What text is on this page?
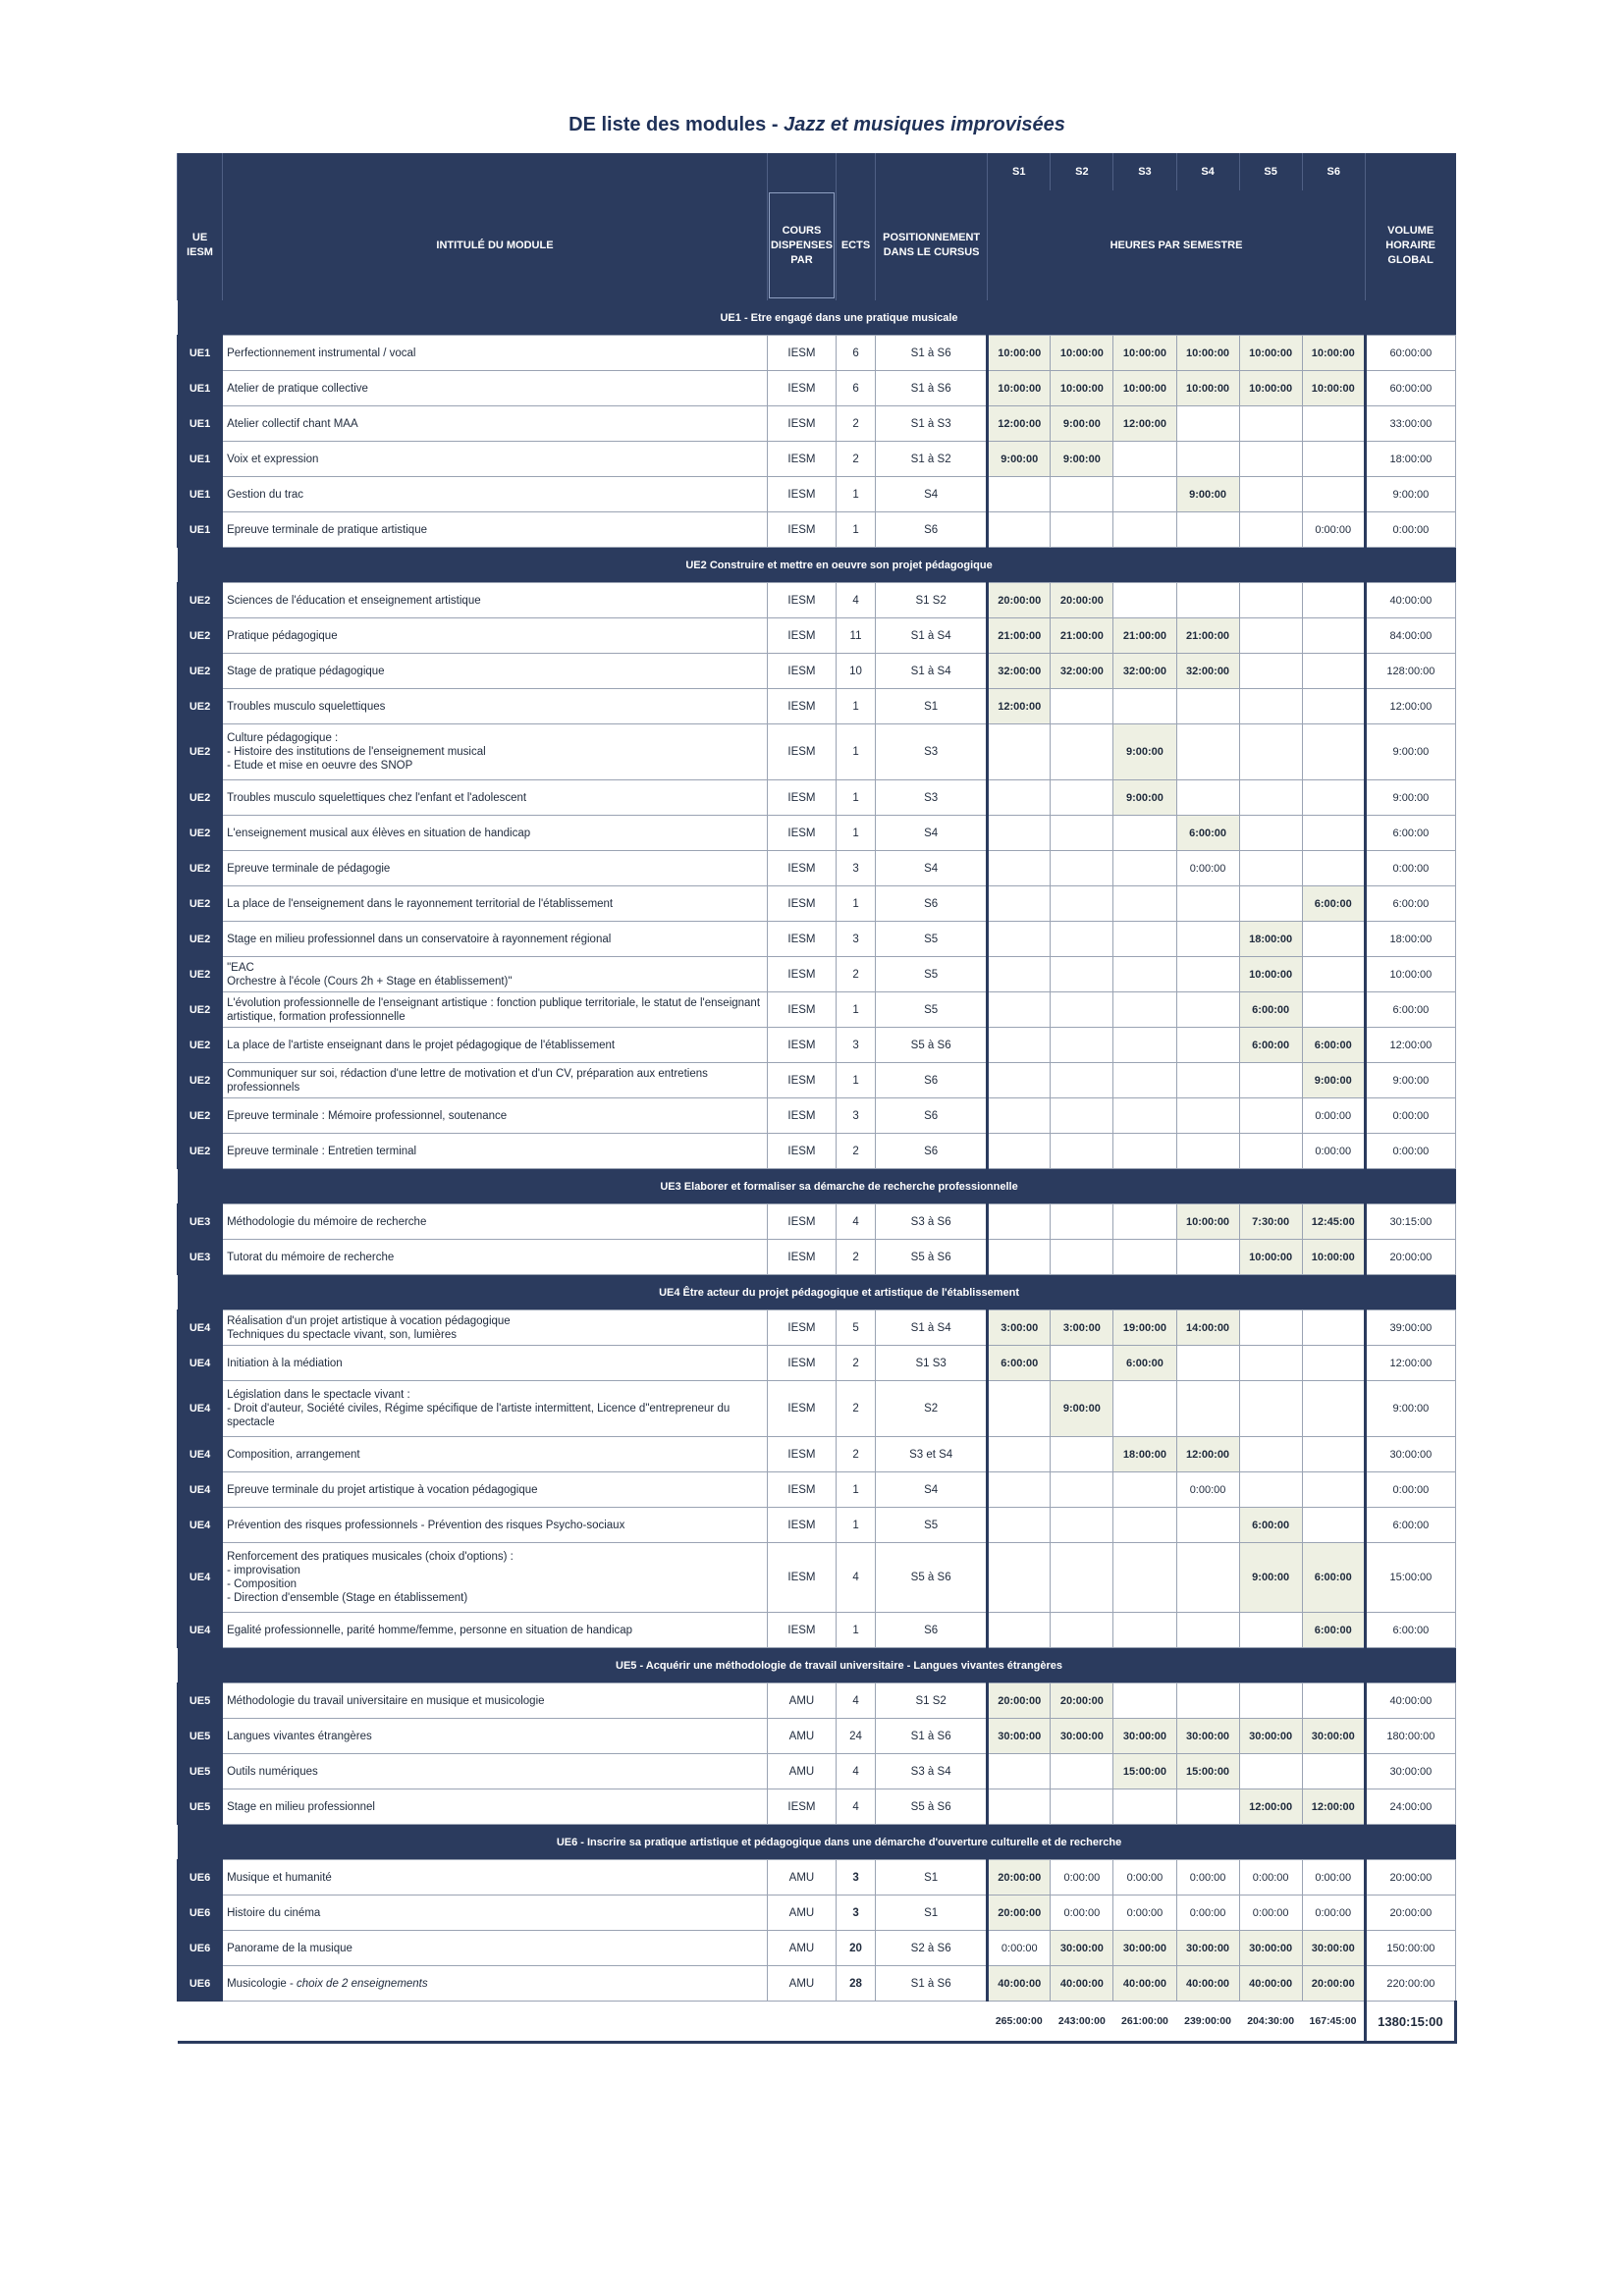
DE liste des modules - Jazz et musiques improvisées
					S1	S2	S3	S4	S5	S6	
UE
IESM	INTITULÉ DU MODULE	COURS
DISPENSES
PAR	ECTS	POSITIONNEMENT
DANS LE CURSUS	HEURES PAR SEMESTRE						VOLUME
HORAIRE
GLOBAL
	UE1 - Etre engagé dans une pratique musicale										
UE1	Perfectionnement instrumental / vocal	IESM	6	S1 à S6	10:00:00	10:00:00	10:00:00	10:00:00	10:00:00	10:00:00	60:00:00
UE1	Atelier de pratique collective	IESM	6	S1 à S6	10:00:00	10:00:00	10:00:00	10:00:00	10:00:00	10:00:00	60:00:00
UE1	Atelier collectif chant MAA	IESM	2	S1 à S3	12:00:00	9:00:00	12:00:00				33:00:00
UE1	Voix et expression	IESM	2	S1 à S2	9:00:00	9:00:00					18:00:00
UE1	Gestion du trac	IESM	1	S4				9:00:00			9:00:00
UE1	Epreuve terminale de pratique artistique	IESM	1	S6						0:00:00	0:00:00
	UE2 Construire et mettre en oeuvre son projet pédagogique										
UE2	Sciences de l'éducation et enseignement artistique	IESM	4	S1 S2	20:00:00	20:00:00					40:00:00
UE2	Pratique pédagogique	IESM	11	S1 à S4	21:00:00	21:00:00	21:00:00	21:00:00			84:00:00
UE2	Stage de pratique pédagogique	IESM	10	S1 à S4	32:00:00	32:00:00	32:00:00	32:00:00			128:00:00
UE2	Troubles musculo squelettiques	IESM	1	S1	12:00:00						12:00:00
UE2	Culture pédagogique :
- Histoire des institutions de l'enseignement musical
- Etude et mise en oeuvre des SNOP	IESM	1	S3			9:00:00				9:00:00
UE2	Troubles musculo squelettiques chez l'enfant et l'adolescent	IESM	1	S3			9:00:00				9:00:00
UE2	L'enseignement musical aux élèves en situation de handicap	IESM	1	S4				6:00:00			6:00:00
UE2	Epreuve terminale de pédagogie	IESM	3	S4				0:00:00			0:00:00
UE2	La place de l'enseignement dans le rayonnement territorial de l'établissement	IESM	1	S6						6:00:00	6:00:00
UE2	Stage en milieu professionnel dans un conservatoire à rayonnement régional	IESM	3	S5					18:00:00		18:00:00
UE2	"EAC
Orchestre à l'école (Cours 2h + Stage en établissement)"	IESM	2	S5					10:00:00		10:00:00
UE2	L'évolution professionnelle de l'enseignant artistique : fonction publique territoriale, le statut de l'enseignant artistique, formation professionnelle	IESM	1	S5					6:00:00		6:00:00
UE2	La place de l'artiste enseignant dans le projet pédagogique de l'établissement	IESM	3	S5 à S6					6:00:00	6:00:00	12:00:00
UE2	Communiquer sur soi, rédaction d'une lettre de motivation et d'un CV, préparation aux entretiens professionnels	IESM	1	S6						9:00:00	9:00:00
UE2	Epreuve terminale : Mémoire professionnel, soutenance	IESM	3	S6						0:00:00	0:00:00
UE2	Epreuve terminale : Entretien terminal	IESM	2	S6						0:00:00	0:00:00
	UE3 Elaborer et formaliser sa démarche de recherche professionnelle										
UE3	Méthodologie du mémoire de recherche	IESM	4	S3 à S6				10:00:00	7:30:00	12:45:00	30:15:00
UE3	Tutorat du mémoire de recherche	IESM	2	S5 à S6					10:00:00	10:00:00	20:00:00
	UE4 Être acteur du projet pédagogique et artistique de l'établissement										
UE4	Réalisation d'un projet artistique à vocation pédagogique
Techniques du spectacle vivant, son, lumières	IESM	5	S1 à S4	3:00:00	3:00:00	19:00:00	14:00:00			39:00:00
UE4	Initiation à la médiation	IESM	2	S1 S3	6:00:00		6:00:00				12:00:00
UE4	Législation dans le spectacle vivant :
- Droit d'auteur, Société civiles, Régime spécifique de l'artiste intermittent, Licence d"entrepreneur du spectacle	IESM	2	S2		9:00:00					9:00:00
UE4	Composition, arrangement	IESM	2	S3 et S4			18:00:00	12:00:00			30:00:00
UE4	Epreuve terminale du projet artistique à vocation pédagogique	IESM	1	S4				0:00:00			0:00:00
UE4	Prévention des risques professionnels - Prévention des risques Psycho-sociaux	IESM	1	S5					6:00:00		6:00:00
UE4	Renforcement des pratiques musicales (choix d'options) :
- improvisation
- Composition
- Direction d'ensemble (Stage en établissement)	IESM	4	S5 à S6					9:00:00	6:00:00	15:00:00
UE4	Egalité professionnelle, parité homme/femme, personne en situation de handicap	IESM	1	S6						6:00:00	6:00:00
	UE5 - Acquérir une méthodologie de travail universitaire - Langues vivantes étrangères										
UE5	Méthodologie du travail universitaire en musique et musicologie	AMU	4	S1 S2	20:00:00	20:00:00					40:00:00
UE5	Langues vivantes étrangères	AMU	24	S1 à S6	30:00:00	30:00:00	30:00:00	30:00:00	30:00:00	30:00:00	180:00:00
UE5	Outils numériques	AMU	4	S3 à S4			15:00:00	15:00:00			30:00:00
UE5	Stage en milieu professionnel	IESM	4	S5 à S6					12:00:00	12:00:00	24:00:00
	UE6 - Inscrire sa pratique artistique et pédagogique dans une démarche d'ouverture culturelle et de recherche										
UE6	Musique et humanité	AMU	3	S1	20:00:00	0:00:00	0:00:00	0:00:00	0:00:00	0:00:00	20:00:00
UE6	Histoire du cinéma	AMU	3	S1	20:00:00	0:00:00	0:00:00	0:00:00	0:00:00	0:00:00	20:00:00
UE6	Panorame de la musique	AMU	20	S2 à S6	0:00:00	30:00:00	30:00:00	30:00:00	30:00:00	30:00:00	150:00:00
UE6	Musicologie - choix de 2 enseignements	AMU	28	S1 à S6	40:00:00	40:00:00	40:00:00	40:00:00	40:00:00	20:00:00	220:00:00
					265:00:00	243:00:00	261:00:00	239:00:00	204:30:00	167:45:00	1380:15:00
